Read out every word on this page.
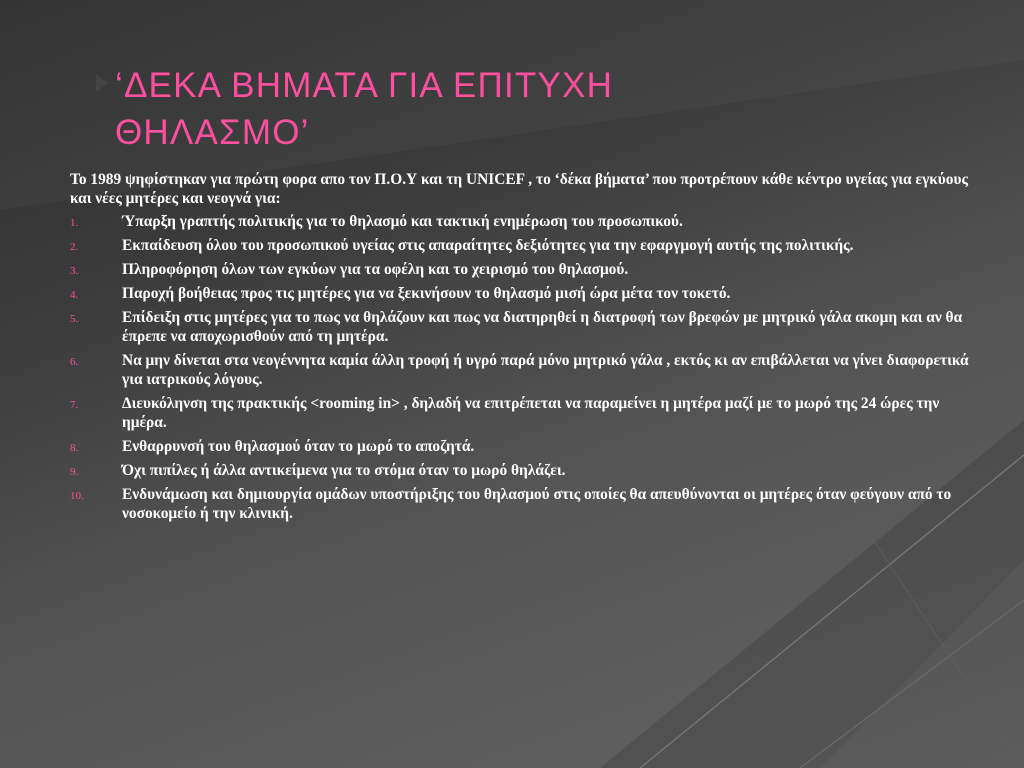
‘ΔΕΚΑ ΒΗΜΑΤΑ ΓΙΑ ΕΠΙΤΥΧΗ
ΘΗΛΑΣΜΟ’

Το 1989 ψηφίστηκαν για πρώτη φορα απο τον Π.Ο.Υ και τη UNICEF , το ‘δέκα βήματα’ που προτρέπουν κάθε κέντρο υγείας για εγκύους και νέες μητέρες και νεογνά για:

1.	Ύπαρξη γραπτής πολιτικής για το θηλασμό και τακτική ενημέρωση του προσωπικού.
2.	Εκπαίδευση όλου του προσωπικού υγείας στις απαραίτητες δεξιότητες για την εφαργμογή αυτής της πολιτικής.
3.	Πληροφόρηση όλων των εγκύων για τα οφέλη και το χειρισμό του θηλασμού.
4.	Παροχή βοήθειας προς τις μητέρες για να ξεκινήσουν το θηλασμό μισή ώρα μέτα τον τοκετό.
5.	Επίδειξη στις μητέρες για το πως να θηλάζουν και πως να διατηρηθεί η διατροφή των βρεφών με μητρικό γάλα ακομη και αν θα έπρεπε να αποχωρισθούν από τη μητέρα.
6.	Να μην δίνεται στα νεογέννητα καμία άλλη τροφή ή υγρό παρά μόνο μητρικό γάλα , εκτός κι αν επιβάλλεται να γίνει διαφορετικά για ιατρικούς λόγους.
7.	Διευκόληνση της πρακτικής <rooming in> , δηλαδή να επιτρέπεται να παραμείνει η μητέρα μαζί με το μωρό της 24 ώρες την ημέρα.
8.	Ενθαρρυνσή του θηλασμού όταν το μωρό το αποζητά.
9.	Όχι πιπίλες ή άλλα αντικείμενα για το στόμα όταν το μωρό θηλάζει.
10. Ενδυνάμωση και δημιουργία ομάδων υποστήριξης του θηλασμού στις οποίες θα απευθύνονται οι μητέρες όταν φεύγουν από το νοσοκομείο ή την κλινική.
